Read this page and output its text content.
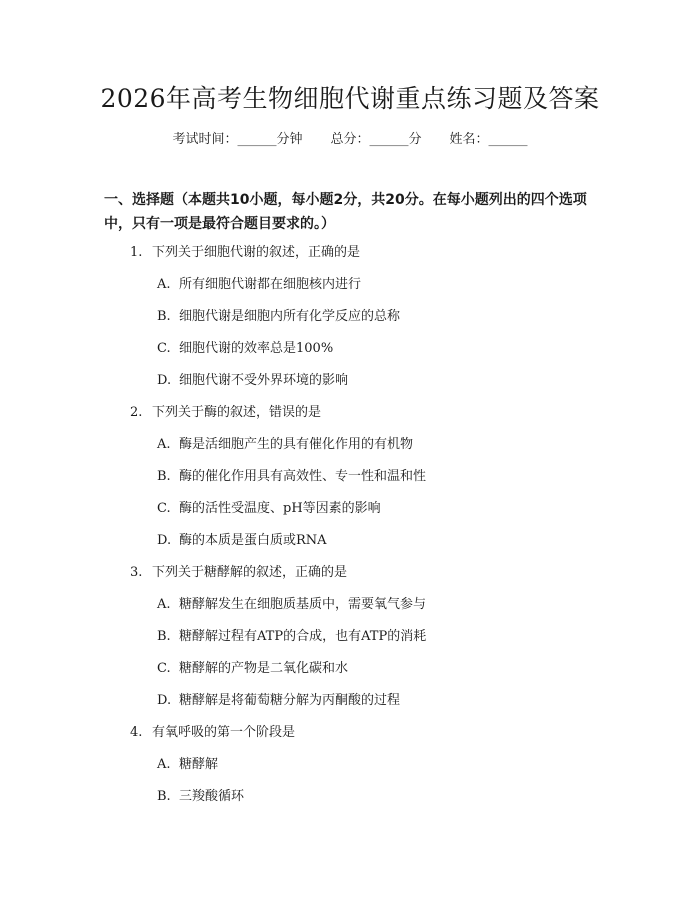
2026年高考生物细胞代谢重点练习题及答案
考试时间：______分钟 总分：______分 姓名：______
一、选择题（本题共10小题，每小题2分，共20分。在每小题列出的四个选项中，只有一项是最符合题目要求的。）
1. 下列关于细胞代谢的叙述，正确的是
A. 所有细胞代谢都在细胞核内进行
B. 细胞代谢是细胞内所有化学反应的总称
C. 细胞代谢的效率总是100%
D. 细胞代谢不受外界环境的影响
2. 下列关于酶的叙述，错误的是
A. 酶是活细胞产生的具有催化作用的有机物
B. 酶的催化作用具有高效性、专一性和温和性
C. 酶的活性受温度、pH等因素的影响
D. 酶的本质是蛋白质或RNA
3. 下列关于糖酵解的叙述，正确的是
A. 糖酵解发生在细胞质基质中，需要氧气参与
B. 糖酵解过程有ATP的合成，也有ATP的消耗
C. 糖酵解的产物是二氧化碳和水
D. 糖酵解是将葡萄糖分解为丙酮酸的过程
4. 有氧呼吸的第一个阶段是
A. 糖酵解
B. 三羧酸循环
